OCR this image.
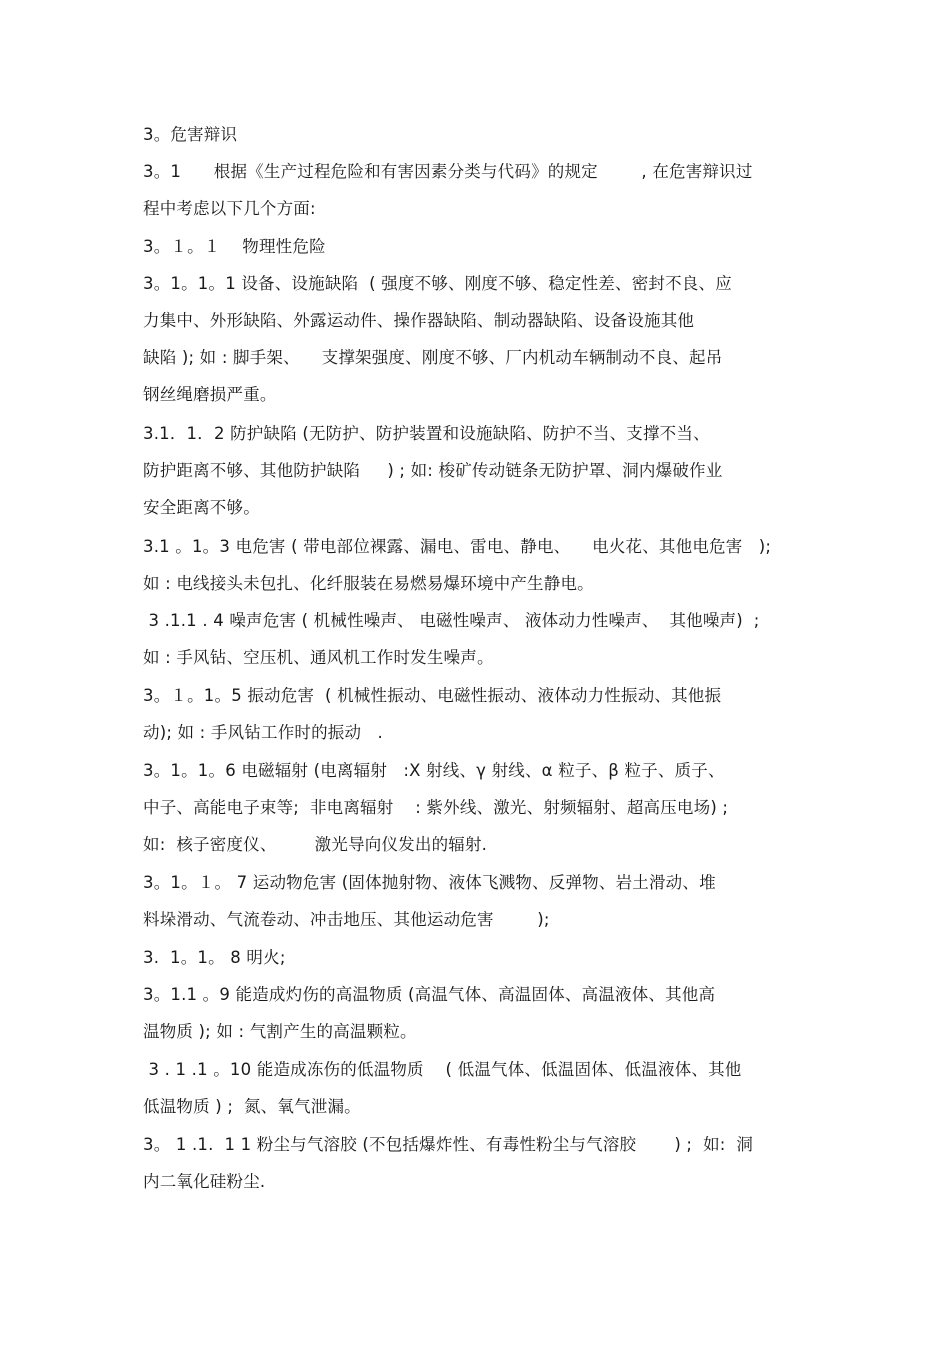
3。危害辩识
3。1      根据《生产过程危险和有害因素分类与代码》的规定        , 在危害辩识过
程中考虑以下几个方面:
3。１。１    物理性危险
3。1。1。1 设备、设施缺陷  ( 强度不够、刚度不够、稳定性差、密封不良、应
力集中、外形缺陷、外露运动件、操作器缺陷、制动器缺陷、设备设施其他
缺陷 ); 如 : 脚手架、    支撑架强度、刚度不够、厂内机动车辆制动不良、起吊
钢丝绳磨损严重。
3.1．1．2 防护缺陷 (无防护、防护装置和设施缺陷、防护不当、支撑不当、
防护距离不够、其他防护缺陷     ) ; 如: 梭矿传动链条无防护罩、洞内爆破作业
安全距离不够。
3.1 。1。3 电危害 ( 带电部位裸露、漏电、雷电、静电、    电火花、其他电危害   );
如 : 电线接头未包扎、化纤服装在易燃易爆环境中产生静电。
3 .1.1 . 4 噪声危害 ( 机械性噪声、 电磁性噪声、 液体动力性噪声、  其他噪声)  ;
如 : 手风钻、空压机、通风机工作时发生噪声。
3。１。1。5 振动危害  ( 机械性振动、电磁性振动、液体动力性振动、其他振
动); 如 : 手风钻工作时的振动   .
3。1。1。6 电磁辐射 (电离辐射   :X 射线、γ 射线、α 粒子、β 粒子、质子、
中子、高能电子束等;  非电离辐射    : 紫外线、激光、射频辐射、超高压电场) ;
如:  核子密度仪、       激光导向仪发出的辐射.
3。1。１。 7 运动物危害 (固体抛射物、液体飞溅物、反弹物、岩土滑动、堆
料垛滑动、气流卷动、冲击地压、其他运动危害        );
3.  1。1。 8 明火;
3。1.1 。9 能造成灼伤的高温物质 (高温气体、高温固体、高温液体、其他高
温物质 ); 如 : 气割产生的高温颗粒。
3 . 1 .1 。10 能造成冻伤的低温物质    ( 低温气体、低温固体、低温液体、其他
低温物质 ) ;  氮、氧气泄漏。
3。 1 .1.  1 1 粉尘与气溶胶 (不包括爆炸性、有毒性粉尘与气溶胶       ) ;  如:  洞
内二氧化硅粉尘.
